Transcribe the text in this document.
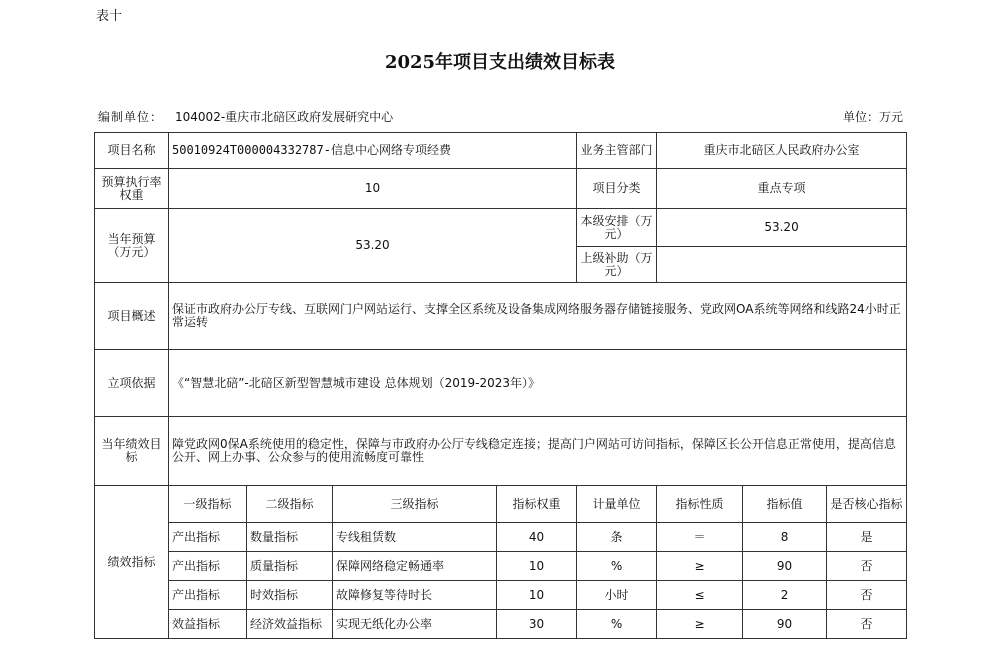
表十
2025年项目支出绩效目标表
编制单位： 104002-重庆市北碚区政府发展研究中心	单位：万元
项目名称	50010924T000004332787-信息中心网络专项经费				业务主管部门	重庆市北碚区人民政府办公室		
预算执行率权重	10				项目分类	重点专项		
当年预算（万元）	53.20				本级安排（万元）	53.20		
					上级补助（万元）			
项目概述	保证市政府办公厅专线、互联网门户网站运行、支撑全区系统及设备集成网络服务器存储链接服务、党政网OA系统等网络和线路24小时正常运转							
立项依据	《“智慧北碚”-北碚区新型智慧城市建设 总体规划（2019-2023年）》							
当年绩效目标	障党政网0保A系统使用的稳定性，保障与市政府办公厅专线稳定连接；提高门户网站可访问指标，保障区长公开信息正常使用，提高信息公开、网上办事、公众参与的使用流畅度可靠性							
绩效指标	一级指标	二级指标	三级指标	指标权重	计量单位	指标性质	指标值	是否核心指标
	产出指标	数量指标	专线租赁数	40	条	＝	8	是
	产出指标	质量指标	保障网络稳定畅通率	10	%	≥	90	否
	产出指标	时效指标	故障修复等待时长	10	小时	≤	2	否
	效益指标	经济效益指标	实现无纸化办公率	30	%	≥	90	否
